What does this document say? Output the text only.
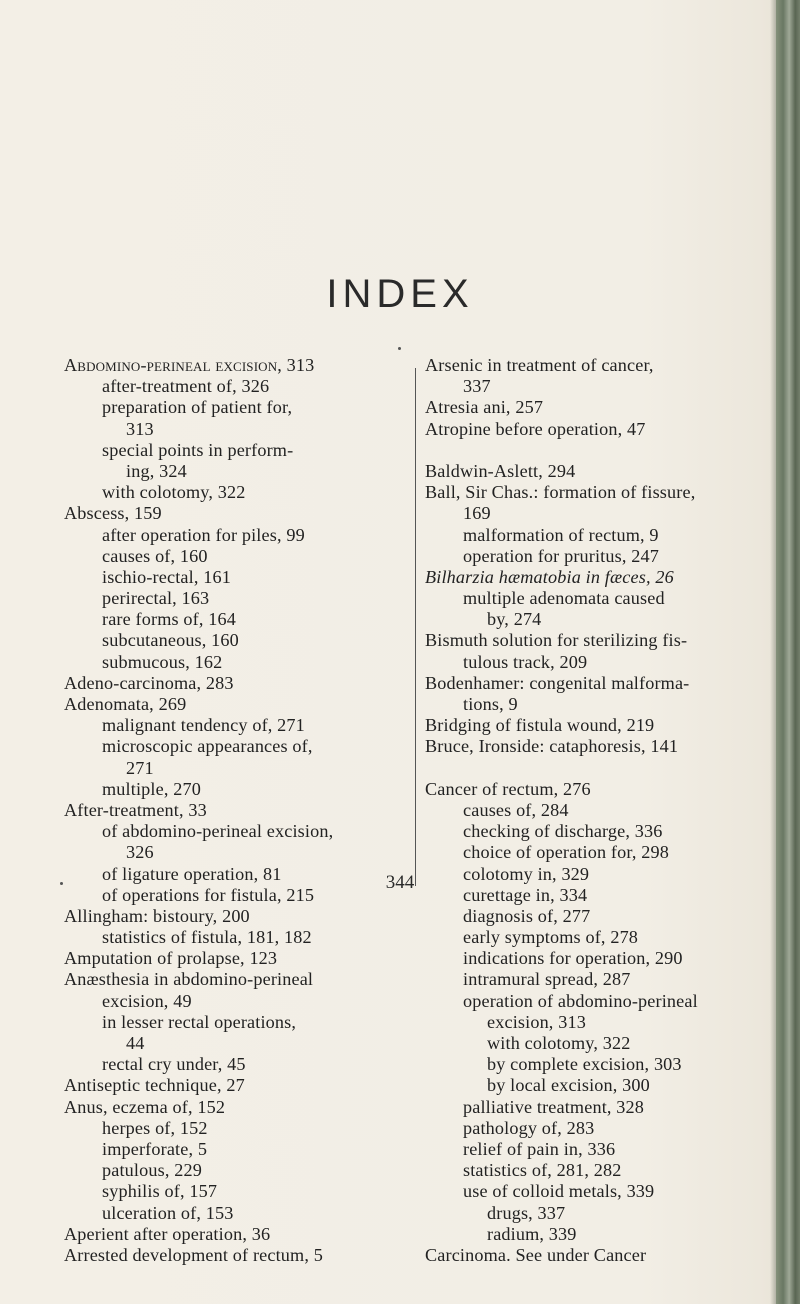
INDEX
Abdomino-perineal excision, 313
after-treatment of, 326
preparation of patient for,
313
special points in perform-
ing, 324
with colotomy, 322
Abscess, 159
after operation for piles, 99
causes of, 160
ischio-rectal, 161
perirectal, 163
rare forms of, 164
subcutaneous, 160
submucous, 162
Adeno-carcinoma, 283
Adenomata, 269
malignant tendency of, 271
microscopic appearances of,
271
multiple, 270
After-treatment, 33
of abdomino-perineal excision,
326
of ligature operation, 81
of operations for fistula, 215
Allingham: bistoury, 200
statistics of fistula, 181, 182
Amputation of prolapse, 123
Anæsthesia in abdomino-perineal
excision, 49
in lesser rectal operations,
44
rectal cry under, 45
Antiseptic technique, 27
Anus, eczema of, 152
herpes of, 152
imperforate, 5
patulous, 229
syphilis of, 157
ulceration of, 153
Aperient after operation, 36
Arrested development of rectum, 5
Arsenic in treatment of cancer,
337
Atresia ani, 257
Atropine before operation, 47
Baldwin-Aslett, 294
Ball, Sir Chas.: formation of fissure,
169
malformation of rectum, 9
operation for pruritus, 247
Bilharzia hæmatobia in fæces, 26
multiple adenomata caused
by, 274
Bismuth solution for sterilizing fis-
tulous track, 209
Bodenhamer: congenital malforma-
tions, 9
Bridging of fistula wound, 219
Bruce, Ironside: cataphoresis, 141
Cancer of rectum, 276
causes of, 284
checking of discharge, 336
choice of operation for, 298
colotomy in, 329
curettage in, 334
diagnosis of, 277
early symptoms of, 278
indications for operation, 290
intramural spread, 287
operation of abdomino-perineal
excision, 313
with colotomy, 322
by complete excision, 303
by local excision, 300
palliative treatment, 328
pathology of, 283
relief of pain in, 336
statistics of, 281, 282
use of colloid metals, 339
drugs, 337
radium, 339
Carcinoma. See under Cancer
344
